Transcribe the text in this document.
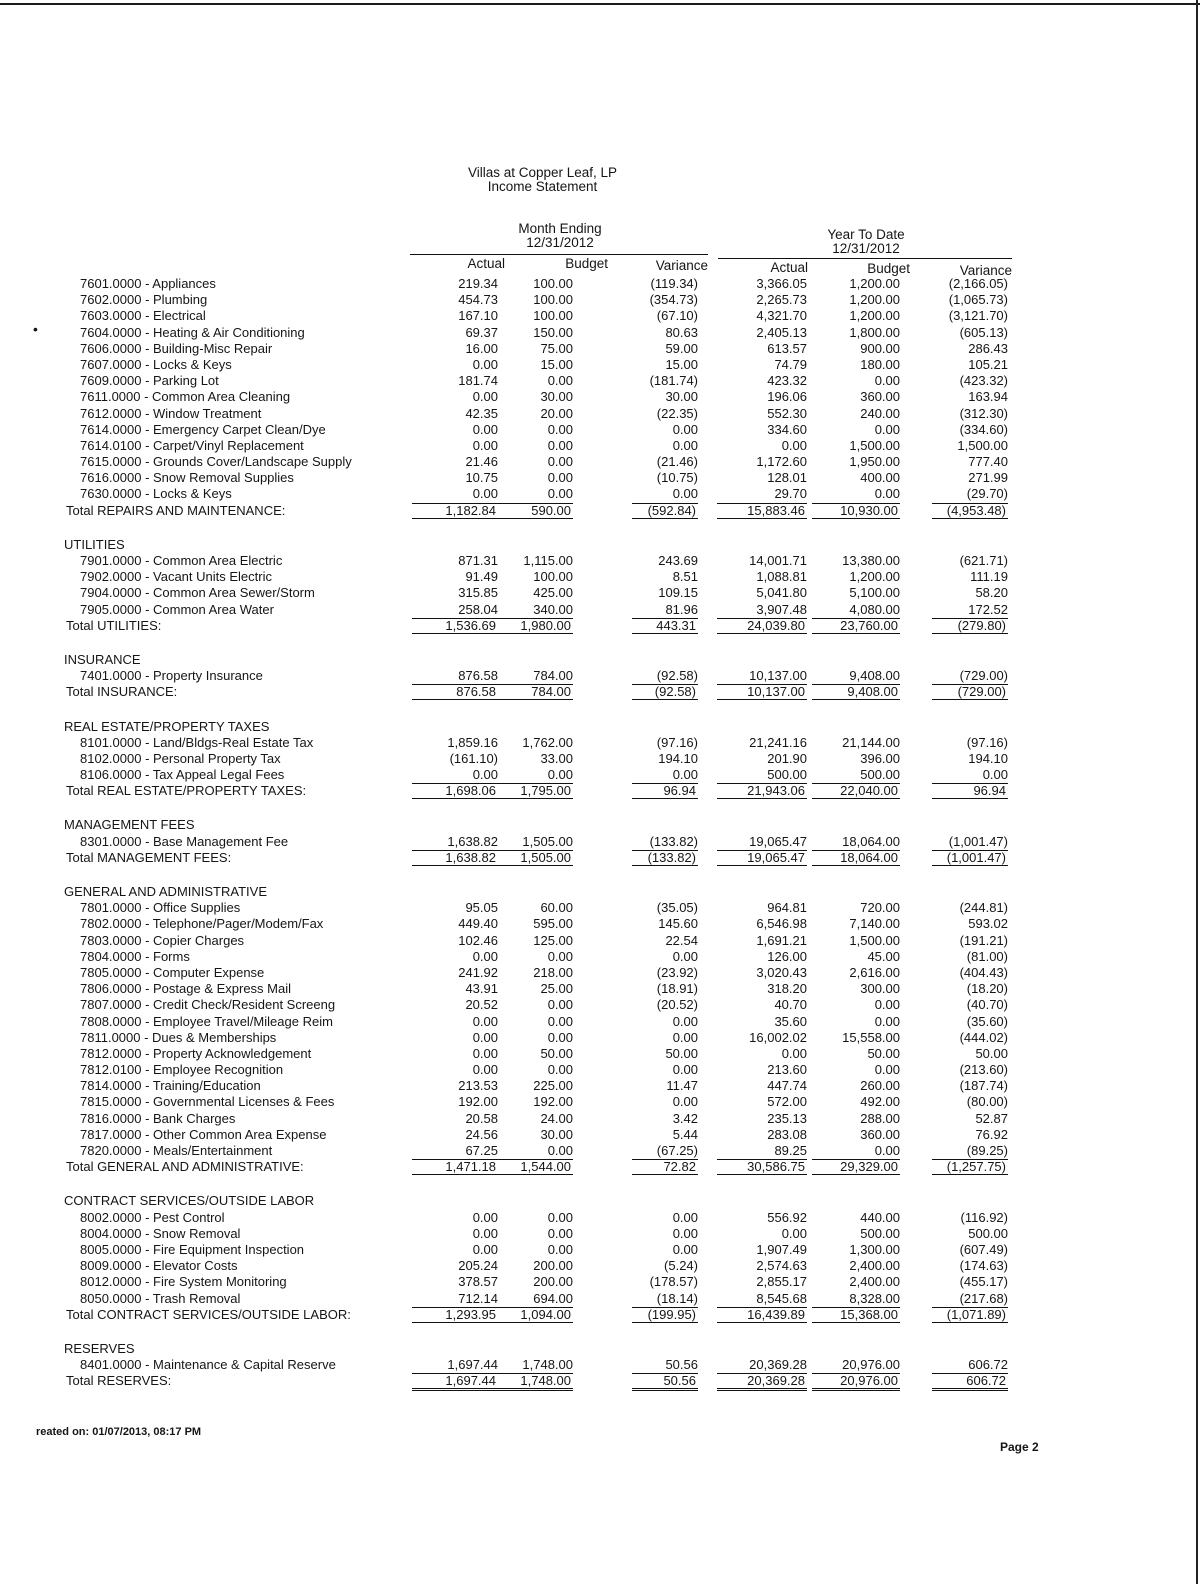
•
Villas at Copper Leaf, LP
Income Statement
Month Ending
12/31/2012
Year To Date
12/31/2012
Actual	Budget	Variance	Actual	Budget	Variance
7601.0000 - Appliances	219.34	100.00	(119.34)	3,366.05	1,200.00	(2,166.05)
7602.0000 - Plumbing	454.73	100.00	(354.73)	2,265.73	1,200.00	(1,065.73)
7603.0000 - Electrical	167.10	100.00	(67.10)	4,321.70	1,200.00	(3,121.70)
7604.0000 - Heating & Air Conditioning	69.37	150.00	80.63	2,405.13	1,800.00	(605.13)
7606.0000 - Building-Misc Repair	16.00	75.00	59.00	613.57	900.00	286.43
7607.0000 - Locks & Keys	0.00	15.00	15.00	74.79	180.00	105.21
7609.0000 - Parking Lot	181.74	0.00	(181.74)	423.32	0.00	(423.32)
7611.0000 - Common Area Cleaning	0.00	30.00	30.00	196.06	360.00	163.94
7612.0000 - Window Treatment	42.35	20.00	(22.35)	552.30	240.00	(312.30)
7614.0000 - Emergency Carpet Clean/Dye	0.00	0.00	0.00	334.60	0.00	(334.60)
7614.0100 - Carpet/Vinyl Replacement	0.00	0.00	0.00	0.00	1,500.00	1,500.00
7615.0000 - Grounds Cover/Landscape Supply	21.46	0.00	(21.46)	1,172.60	1,950.00	777.40
7616.0000 - Snow Removal Supplies	10.75	0.00	(10.75)	128.01	400.00	271.99
7630.0000 - Locks & Keys	0.00	0.00	0.00	29.70	0.00	(29.70)
Total REPAIRS AND MAINTENANCE:	1,182.84	590.00	(592.84)	15,883.46	10,930.00	(4,953.48)
UTILITIES
7901.0000 - Common Area Electric	871.31 1,115.00	243.69	14,001.71	13,380.00	(621.71)
7902.0000 - Vacant Units Electric	91.49	100.00	8.51	1,088.81	1,200.00	111.19
7904.0000 - Common Area Sewer/Storm	315.85	425.00	109.15	5,041.80	5,100.00	58.20
7905.0000 - Common Area Water	258.04	340.00	81.96	3,907.48	4,080.00	172.52
Total UTILITIES:	1,536.69	1,980.00	443.31	24,039.80	23,760.00	(279.80)
INSURANCE
7401.0000 - Property Insurance	876.58	784.00	(92.58)	10,137.00	9,408.00	(729.00)
Total INSURANCE:	876.58	784.00	(92.58)	10,137.00	9,408.00	(729.00)
REAL ESTATE/PROPERTY TAXES
8101.0000 - Land/Bldgs-Real Estate Tax	1,859.16 1,762.00	(97.16)	21,241.16	21,144.00	(97.16)
8102.0000 - Personal Property Tax	(161.10)	33.00	194.10	201.90	396.00	194.10
8106.0000 - Tax Appeal Legal Fees	0.00	0.00	0.00	500.00	500.00	0.00
Total REAL ESTATE/PROPERTY TAXES:	1,698.06	1,795.00	96.94	21,943.06	22,040.00	96.94
MANAGEMENT FEES
8301.0000 - Base Management Fee	1,638.82 1,505.00	(133.82)	19,065.47	18,064.00	(1,001.47)
Total MANAGEMENT FEES:	1,638.82	1,505.00	(133.82)	19,065.47	18,064.00	(1,001.47)
GENERAL AND ADMINISTRATIVE
7801.0000 - Office Supplies	95.05	60.00	(35.05)	964.81	720.00	(244.81)
7802.0000 - Telephone/Pager/Modem/Fax	449.40	595.00	145.60	6,546.98	7,140.00	593.02
7803.0000 - Copier Charges	102.46	125.00	22.54	1,691.21	1,500.00	(191.21)
7804.0000 - Forms	0.00	0.00	0.00	126.00	45.00	(81.00)
7805.0000 - Computer Expense	241.92	218.00	(23.92)	3,020.43	2,616.00	(404.43)
7806.0000 - Postage & Express Mail	43.91	25.00	(18.91)	318.20	300.00	(18.20)
7807.0000 - Credit Check/Resident Screeng	20.52	0.00	(20.52)	40.70	0.00	(40.70)
7808.0000 - Employee Travel/Mileage Reim	0.00	0.00	0.00	35.60	0.00	(35.60)
7811.0000 - Dues & Memberships	0.00	0.00	0.00	16,002.02	15,558.00	(444.02)
7812.0000 - Property Acknowledgement	0.00	50.00	50.00	0.00	50.00	50.00
7812.0100 - Employee Recognition	0.00	0.00	0.00	213.60	0.00	(213.60)
7814.0000 - Training/Education	213.53	225.00	11.47	447.74	260.00	(187.74)
7815.0000 - Governmental Licenses & Fees	192.00	192.00	0.00	572.00	492.00	(80.00)
7816.0000 - Bank Charges	20.58	24.00	3.42	235.13	288.00	52.87
7817.0000 - Other Common Area Expense	24.56	30.00	5.44	283.08	360.00	76.92
7820.0000 - Meals/Entertainment	67.25	0.00	(67.25)	89.25	0.00	(89.25)
Total GENERAL AND ADMINISTRATIVE:	1,471.18	1,544.00	72.82	30,586.75	29,329.00	(1,257.75)
CONTRACT SERVICES/OUTSIDE LABOR
8002.0000 - Pest Control	0.00	0.00	0.00	556.92	440.00	(116.92)
8004.0000 - Snow Removal	0.00	0.00	0.00	0.00	500.00	500.00
8005.0000 - Fire Equipment Inspection	0.00	0.00	0.00	1,907.49	1,300.00	(607.49)
8009.0000 - Elevator Costs	205.24	200.00	(5.24)	2,574.63	2,400.00	(174.63)
8012.0000 - Fire System Monitoring	378.57	200.00	(178.57)	2,855.17	2,400.00	(455.17)
8050.0000 - Trash Removal	712.14	694.00	(18.14)	8,545.68	8,328.00	(217.68)
Total CONTRACT SERVICES/OUTSIDE LABOR:	1,293.95	1,094.00	(199.95)	16,439.89	15,368.00	(1,071.89)
RESERVES
8401.0000 - Maintenance & Capital Reserve	1,697.44 1,748.00	50.56	20,369.28	20,976.00	606.72
Total RESERVES:	1,697.44	1,748.00	50.56	20,369.28	20,976.00	606.72
reated on: 01/07/2013, 08:17 PM
Page 2
